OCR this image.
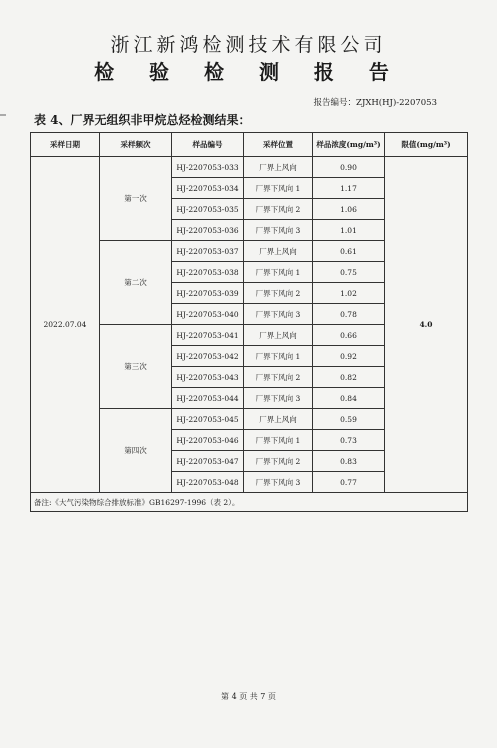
浙江新鸿检测技术有限公司
检 验 检 测 报 告
报告编号：ZJXH(HJ)-2207053
表 4、厂界无组织非甲烷总烃检测结果：
采样日期	采样频次	样品编号	采样位置	样品浓度(mg/m³)	限值(mg/m³)
2022.07.04	第一次	HJ-2207053-033	厂界上风向	0.90	4.0
		HJ-2207053-034	厂界下风向 1	1.17	
		HJ-2207053-035	厂界下风向 2	1.06	
		HJ-2207053-036	厂界下风向 3	1.01	
	第二次	HJ-2207053-037	厂界上风向	0.61	
		HJ-2207053-038	厂界下风向 1	0.75	
		HJ-2207053-039	厂界下风向 2	1.02	
		HJ-2207053-040	厂界下风向 3	0.78	
	第三次	HJ-2207053-041	厂界上风向	0.66	
		HJ-2207053-042	厂界下风向 1	0.92	
		HJ-2207053-043	厂界下风向 2	0.82	
		HJ-2207053-044	厂界下风向 3	0.84	
	第四次	HJ-2207053-045	厂界上风向	0.59	
		HJ-2207053-046	厂界下风向 1	0.73	
		HJ-2207053-047	厂界下风向 2	0.83	
		HJ-2207053-048	厂界下风向 3	0.77	
备注:《大气污染物综合排放标准》GB16297-1996（表 2）。					
第 4 页 共 7 页
